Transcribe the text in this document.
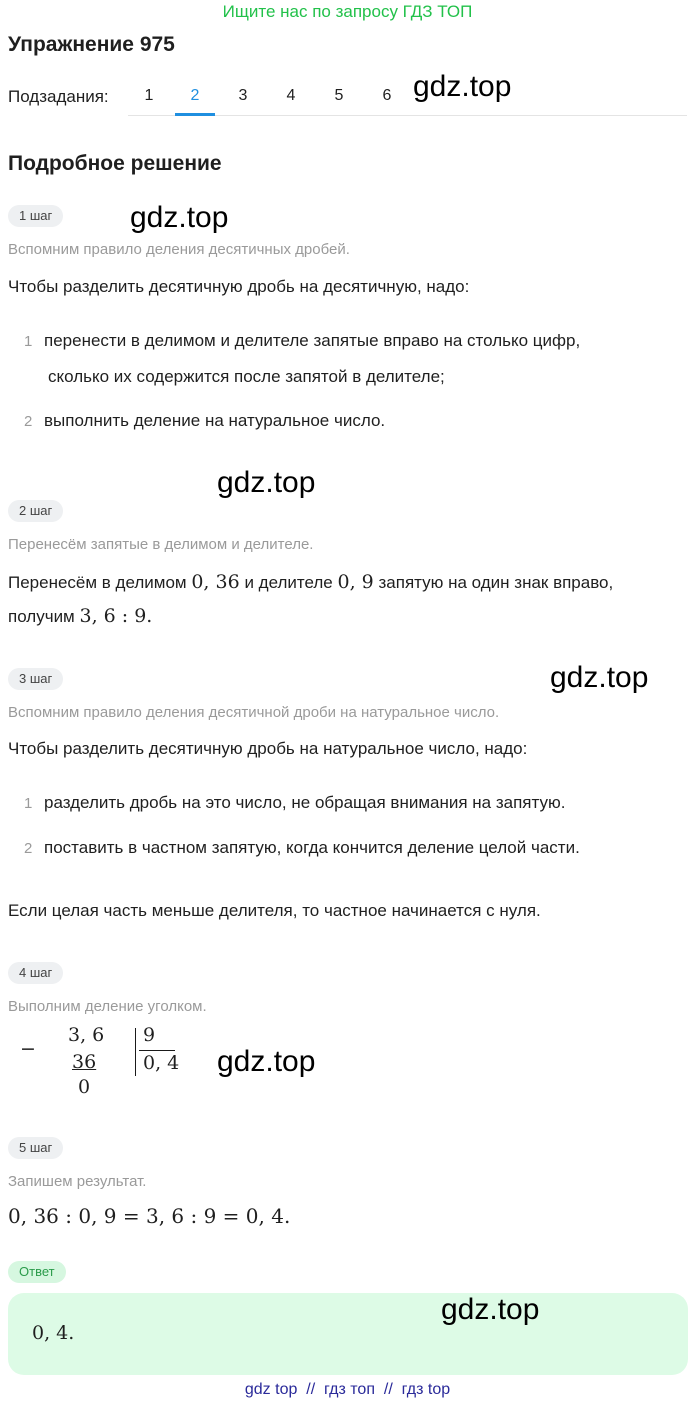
Ищите нас по запросу ГДЗ ТОП
Упражнение 975
Подзадания:	1	2	3	4	5	6 gdz.top
Подробное решение
1 шаг	gdz.top
Вспомним правило деления десятичных дробей.
Чтобы разделить десятичную дробь на десятичную, надо:
1 перенести в делимом и делителе запятые вправо на столько цифр,
сколько их содержится после запятой в делителе;
2 выполнить деление на натуральное число.
gdz.top
2 шаг
Перенесём запятые в делимом и делителе.
Перенесём в делимом 0, 36 и делителе 0, 9 запятую на один знак вправо,
получим 3, 6 : 9.
3 шаг	gdz.top
Вспомним правило деления десятичной дроби на натуральное число.
Чтобы разделить десятичную дробь на натуральное число, надо:
1 разделить дробь на это число, не обращая внимания на запятую.
2 поставить в частном запятую, когда кончится деление целой части.
Если целая часть меньше делителя, то частное начинается с нуля.
4 шаг
Выполним деление уголком.
−
3, 6
36
0
9
0, 4 gdz.top
5 шаг
Запишем результат.
0, 36 : 0, 9 = 3, 6 : 9 = 0, 4.
Ответ
0, 4.
gdz.top
gdz top  //  гдз топ  //  гдз top
